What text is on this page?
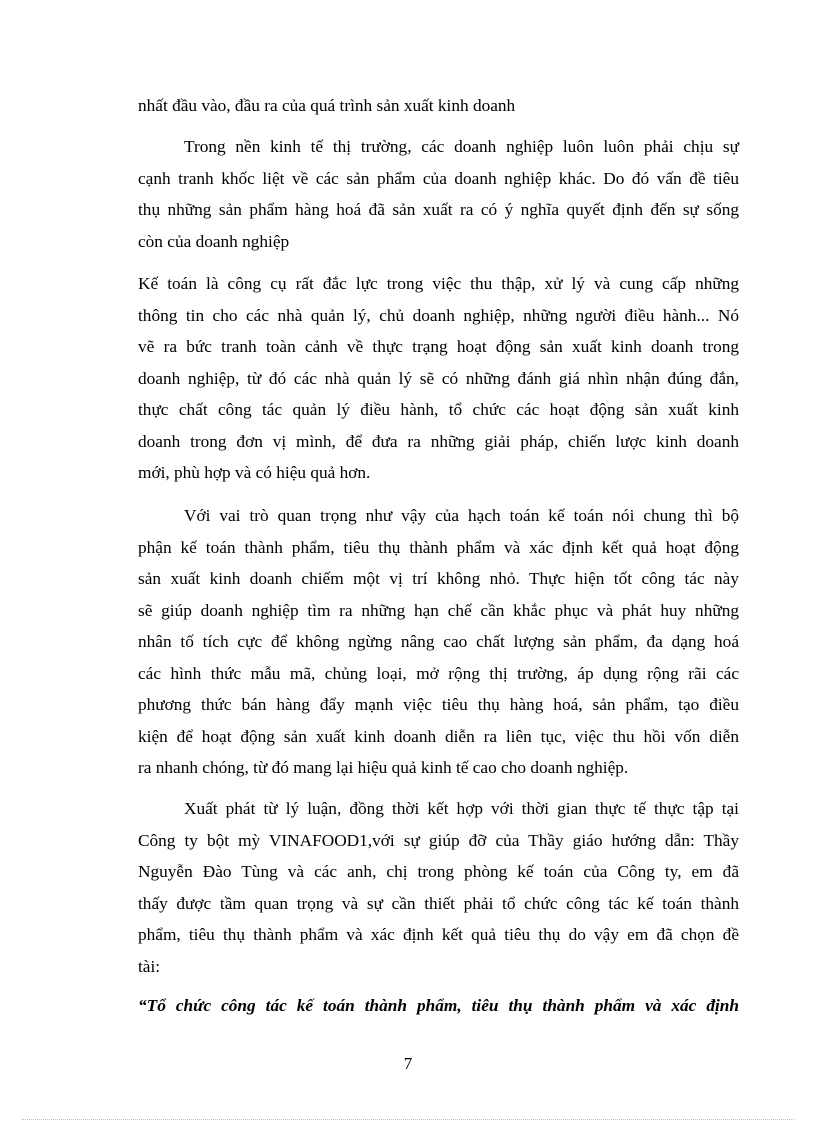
nhất đầu vào, đầu ra của quá trình sản xuất kinh doanh
Trong nền kinh tế thị trường, các doanh nghiệp luôn luôn phải chịu sự
cạnh tranh khốc liệt về các sản phẩm của doanh nghiệp khác. Do đó vấn đề tiêu
thụ những sản phẩm hàng hoá đã sản xuất ra có ý nghĩa quyết định đến sự sống
còn của doanh nghiệp
Kế toán là công cụ rất đắc lực trong việc thu thập, xử lý và cung cấp những
thông tin cho các nhà quản lý, chủ doanh nghiệp, những người điều hành... Nó
vẽ ra bức tranh toàn cảnh về thực trạng hoạt động sản xuất kinh doanh trong
doanh nghiệp, từ đó các nhà quản lý sẽ có những đánh giá nhìn nhận đúng đắn,
thực chất công tác quản lý điều hành, tổ chức các hoạt động sản xuất kinh
doanh trong đơn vị mình, để đưa ra những giải pháp, chiến lược kinh doanh
mới, phù hợp và có hiệu quả hơn.
Với vai trò quan trọng như vậy của hạch toán kế toán nói chung thì bộ
phận kế toán thành phẩm, tiêu thụ thành phẩm và xác định kết quả hoạt động
sản xuất kinh doanh chiếm một vị trí không nhỏ. Thực hiện tốt công tác này
sẽ giúp doanh nghiệp tìm ra những hạn chế cần khắc phục và phát huy những
nhân tố tích cực để không ngừng nâng cao chất lượng sản phẩm, đa dạng hoá
các hình thức mẫu mã, chủng loại, mở rộng thị trường, áp dụng rộng rãi các
phương thức bán hàng đẩy mạnh việc tiêu thụ hàng hoá, sản phẩm, tạo điều
kiện để hoạt động sản xuất kinh doanh diễn ra liên tục, việc thu hồi vốn diễn
ra nhanh chóng, từ đó mang lại hiệu quả kinh tế cao cho doanh nghiệp.
Xuất phát từ lý luận, đồng thời kết hợp với thời gian thực tế thực tập tại
Công ty bột mỳ VINAFOOD1,với sự giúp đỡ của Thầy giáo hướng dẫn: Thầy
Nguyễn Đào Tùng và các anh, chị trong phòng kế toán của Công ty, em đã
thấy được tầm quan trọng và sự cần thiết phải tổ chức công tác kế toán thành
phẩm, tiêu thụ thành phẩm và xác định kết quả tiêu thụ do vậy em đã chọn đề
tài:
“Tổ chức công tác kế toán thành phẩm, tiêu thụ thành phẩm và xác định
7
